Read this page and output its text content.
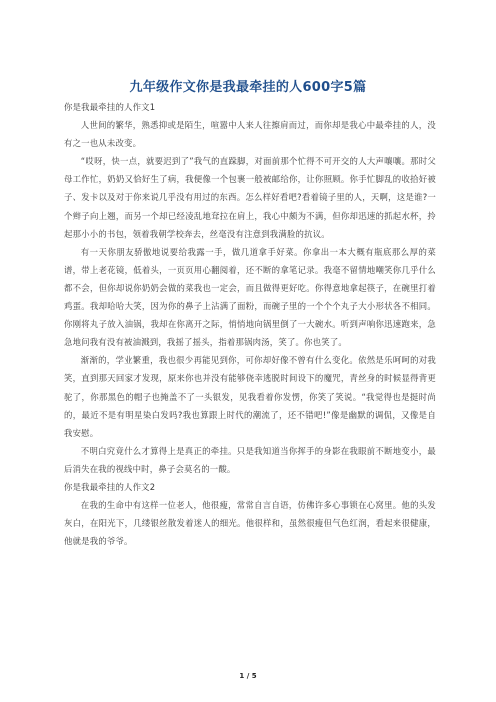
九年级作文你是我最牵挂的人600字5篇

你是我最牵挂的人作文1

人世间的繁华，熟悉抑或是陌生，喧嚣中人来人往擦肩而过，而你却是我心中最牵挂的人，没有之一也从未改变。

“哎呀，快一点，就要迟到了”我气的直跺脚，对面前那个忙得不可开交的人大声嚷嚷。那时父母工作忙，奶奶又恰好生了病，我便像一个包裹一般被邮给你，让你照顾。你手忙脚乱的收拾好被子、发卡以及对于你来说几乎没有用过的东西。怎么样好看吧?看着镜子里的人，天啊，这是谁?一个辫子向上翘，而另一个却已经凌乱地耷拉在肩上，我心中颇为不满，但你却迅速的抓起水杯，拎起那小小的书包，领着我朝学校奔去，丝毫没有注意到我满脸的抗议。

有一天你朋友骄傲地说要给我露一手，做几道拿手好菜。你拿出一本大概有瓶底那么厚的菜谱，带上老花镜，低着头，一页页用心翻阅着，还不断的拿笔记录。我毫不留情地嘲笑你几乎什么都不会，但你却说你奶奶会做的菜我也一定会，而且做得更好吃。你得意地拿起筷子，在碗里打着鸡蛋。我却哈哈大笑，因为你的鼻子上沾满了面粉，而碗子里的一个个个丸子大小形状各不相同。你刚将丸子放入油锅，我却在你离开之际，悄悄地向锅里倒了一大碗水。听到声响你迅速跑来，急急地问我有没有被油溅到，我摇了摇头，指着那锅肉汤，笑了。你也笑了。

渐渐的，学业繁重，我也很少再能见到你，可你却好像不曾有什么变化。依然是乐呵呵的对我笑，直到那天回家才发现，原来你也并没有能够侥幸逃脱时间设下的魔咒，青丝身的时候显得背更驼了，你那黑色的帽子也掩盖不了一头银发，见我看着你发愣，你笑了笑说。“我觉得也是挺时尚的，最近不是有明星染白发吗?我也算跟上时代的潮流了，还不错吧!”像是幽默的调侃，又像是自我安慰。

不明白究竟什么才算得上是真正的牵挂。只是我知道当你挥手的身影在我眼前不断地变小，最后消失在我的视线中时，鼻子会莫名的一酸。

你是我最牵挂的人作文2

在我的生命中有这样一位老人，他很瘦，常常自言自语，仿佛许多心事锁在心窝里。他的头发灰白，在阳光下，几缕银丝散发着迷人的细光。他很样和，虽然很瘦但气色红润，看起来很健康，他就是我的爷爷。

1 / 5
